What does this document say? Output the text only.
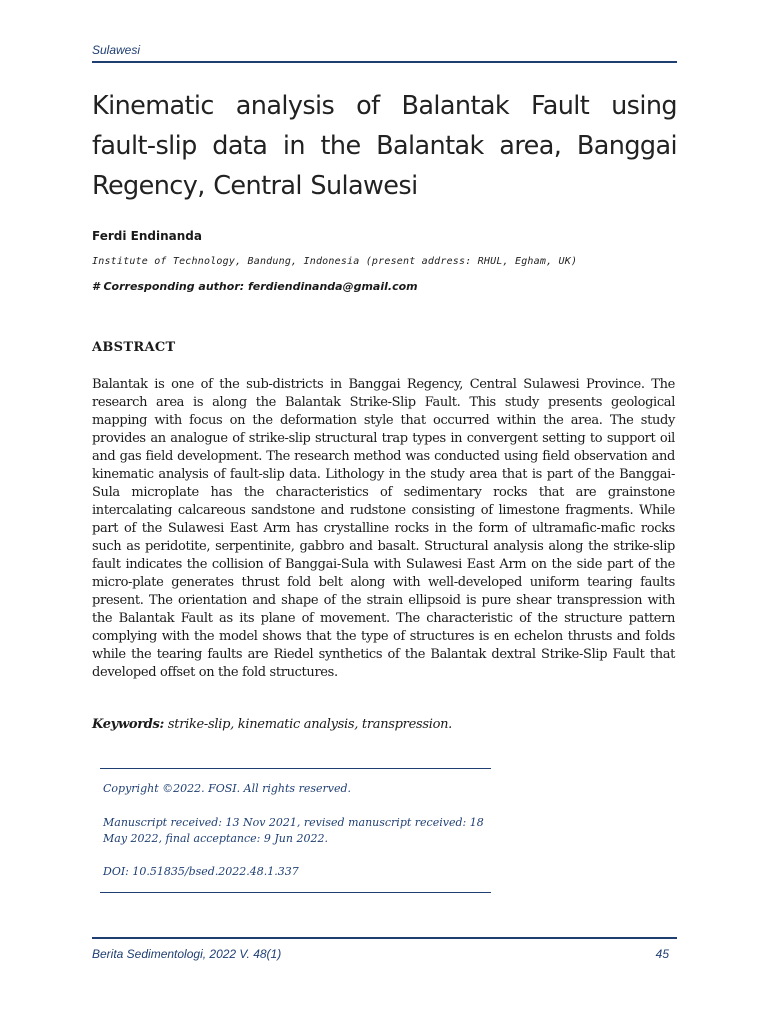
Sulawesi
Kinematic analysis of Balantak Fault using fault-slip data in the Balantak area, Banggai Regency, Central Sulawesi
Ferdi Endinanda
Institute of Technology, Bandung, Indonesia (present address: RHUL, Egham, UK)
# Corresponding author: ferdiendinanda@gmail.com
ABSTRACT

Balantak is one of the sub-districts in Banggai Regency, Central Sulawesi Province. The research area is along the Balantak Strike-Slip Fault. This study presents geological mapping with focus on the deformation style that occurred within the area. The study provides an analogue of strike-slip structural trap types in convergent setting to support oil and gas field development. The research method was conducted using field observation and kinematic analysis of fault-slip data. Lithology in the study area that is part of the Banggai-Sula microplate has the characteristics of sedimentary rocks that are grainstone intercalating calcareous sandstone and rudstone consisting of limestone fragments. While part of the Sulawesi East Arm has crystalline rocks in the form of ultramafic-mafic rocks such as peridotite, serpentinite, gabbro and basalt. Structural analysis along the strike-slip fault indicates the collision of Banggai-Sula with Sulawesi East Arm on the side part of the micro-plate generates thrust fold belt along with well-developed uniform tearing faults present. The orientation and shape of the strain ellipsoid is pure shear transpression with the Balantak Fault as its plane of movement. The characteristic of the structure pattern complying with the model shows that the type of structures is en echelon thrusts and folds while the tearing faults are Riedel synthetics of the Balantak dextral Strike-Slip Fault that developed offset on the fold structures.

Keywords: strike-slip, kinematic analysis, transpression.
Copyright ©2022. FOSI. All rights reserved.
Manuscript received: 13 Nov 2021, revised manuscript received: 18 May 2022, final acceptance: 9 Jun 2022.
DOI: 10.51835/bsed.2022.48.1.337
Berita Sedimentologi, 2022 V. 48(1)	45
